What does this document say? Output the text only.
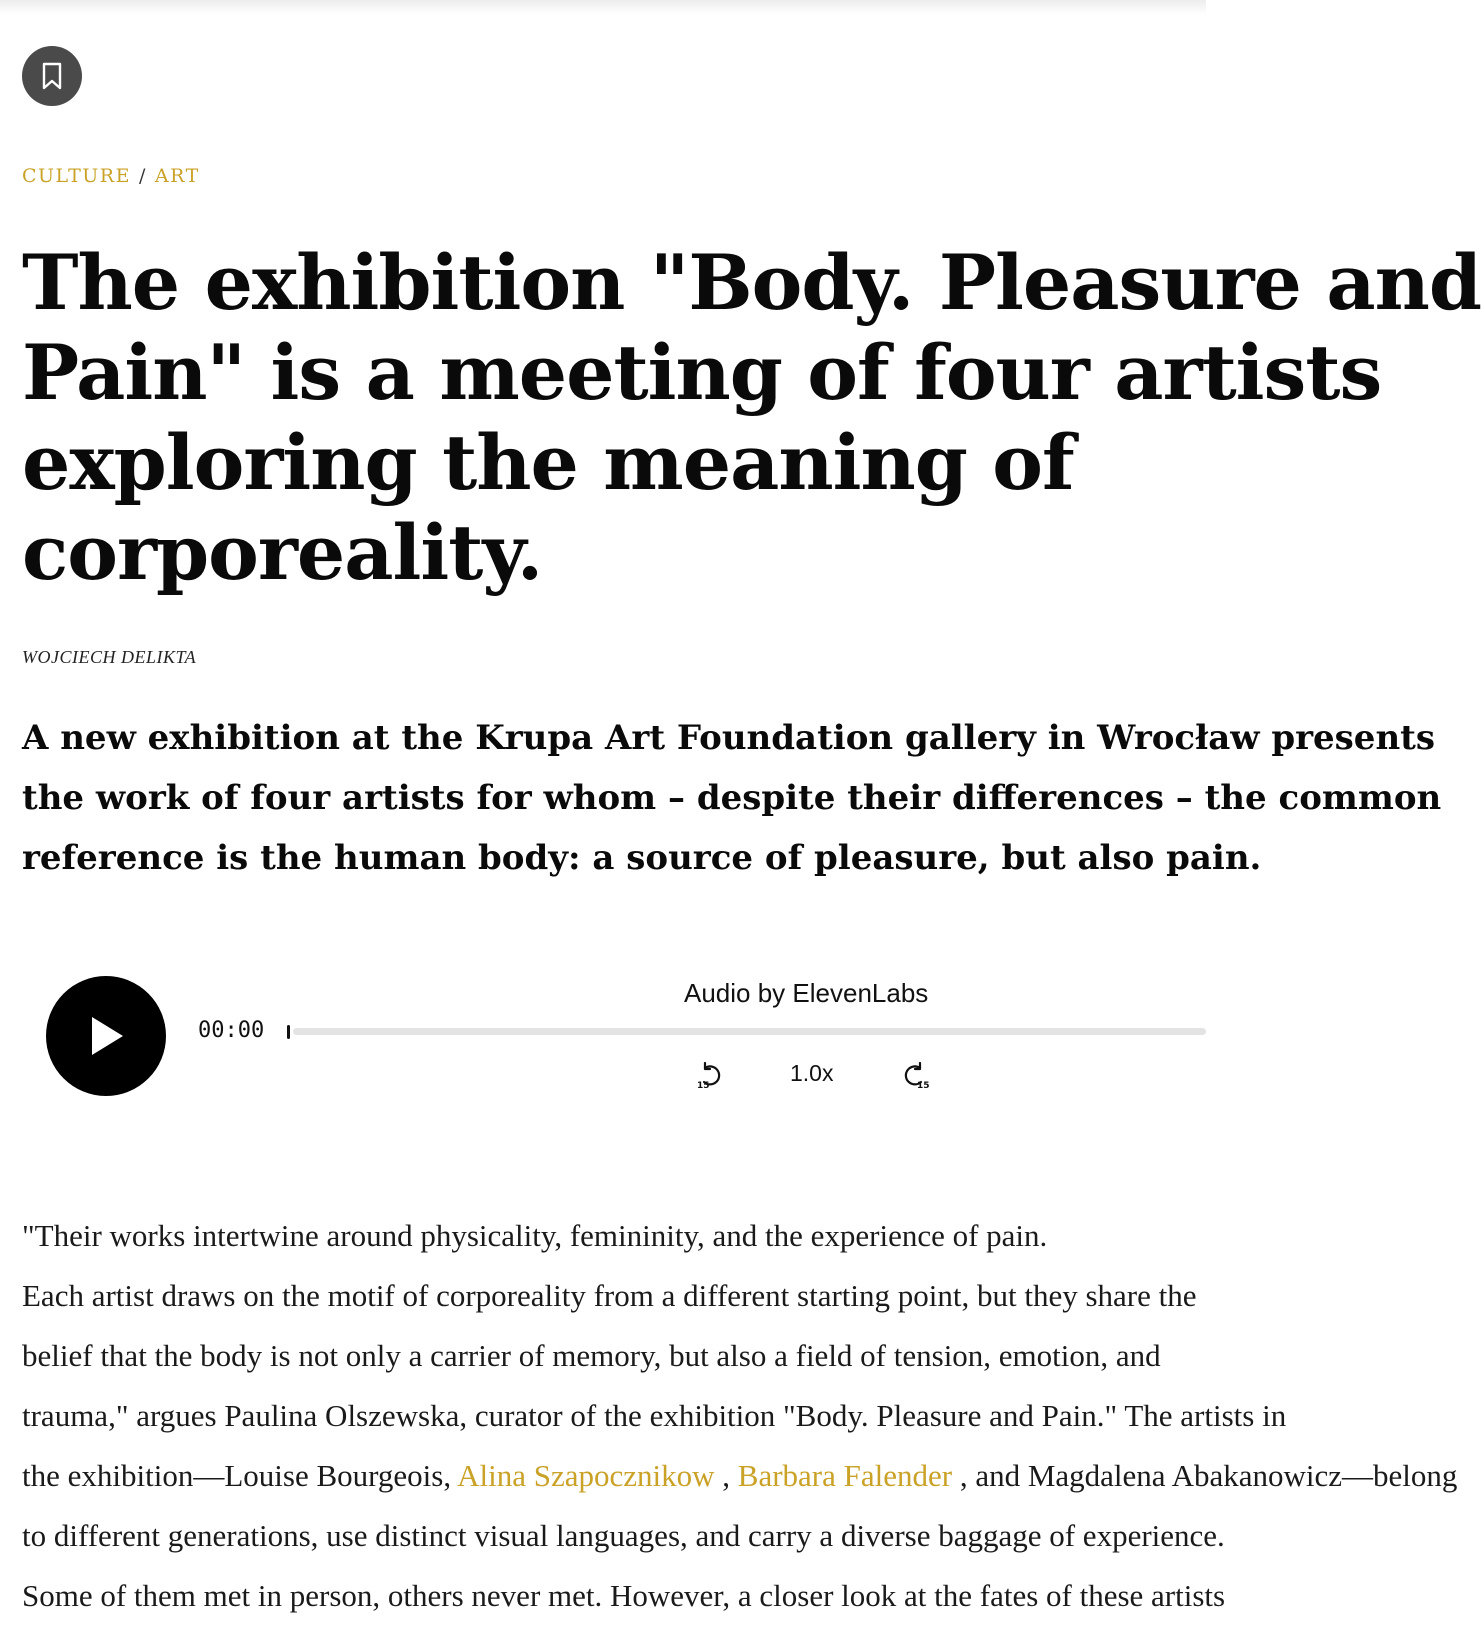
CULTURE / ART
The exhibition "Body. Pleasure and
Pain" is a meeting of four artists
exploring the meaning of
corporeality.
WOJCIECH DELIKTA
A new exhibition at the Krupa Art Foundation gallery in Wrocław presents
the work of four artists for whom – despite their differences – the common
reference is the human body: a source of pleasure, but also pain.
Audio by ElevenLabs
00:00
15	1.0x	15
"Their works intertwine around physicality, femininity, and the experience of pain.
Each artist draws on the motif of corporeality from a different starting point, but they share the
belief that the body is not only a carrier of memory, but also a field of tension, emotion, and
trauma," argues Paulina Olszewska, curator of the exhibition "Body. Pleasure and Pain." The artists in
the exhibition—Louise Bourgeois, Alina Szapocznikow , Barbara Falender , and Magdalena Abakanowicz—belong
to different generations, use distinct visual languages, and carry a diverse baggage of experience.
Some of them met in person, others never met. However, a closer look at the fates of these artists
